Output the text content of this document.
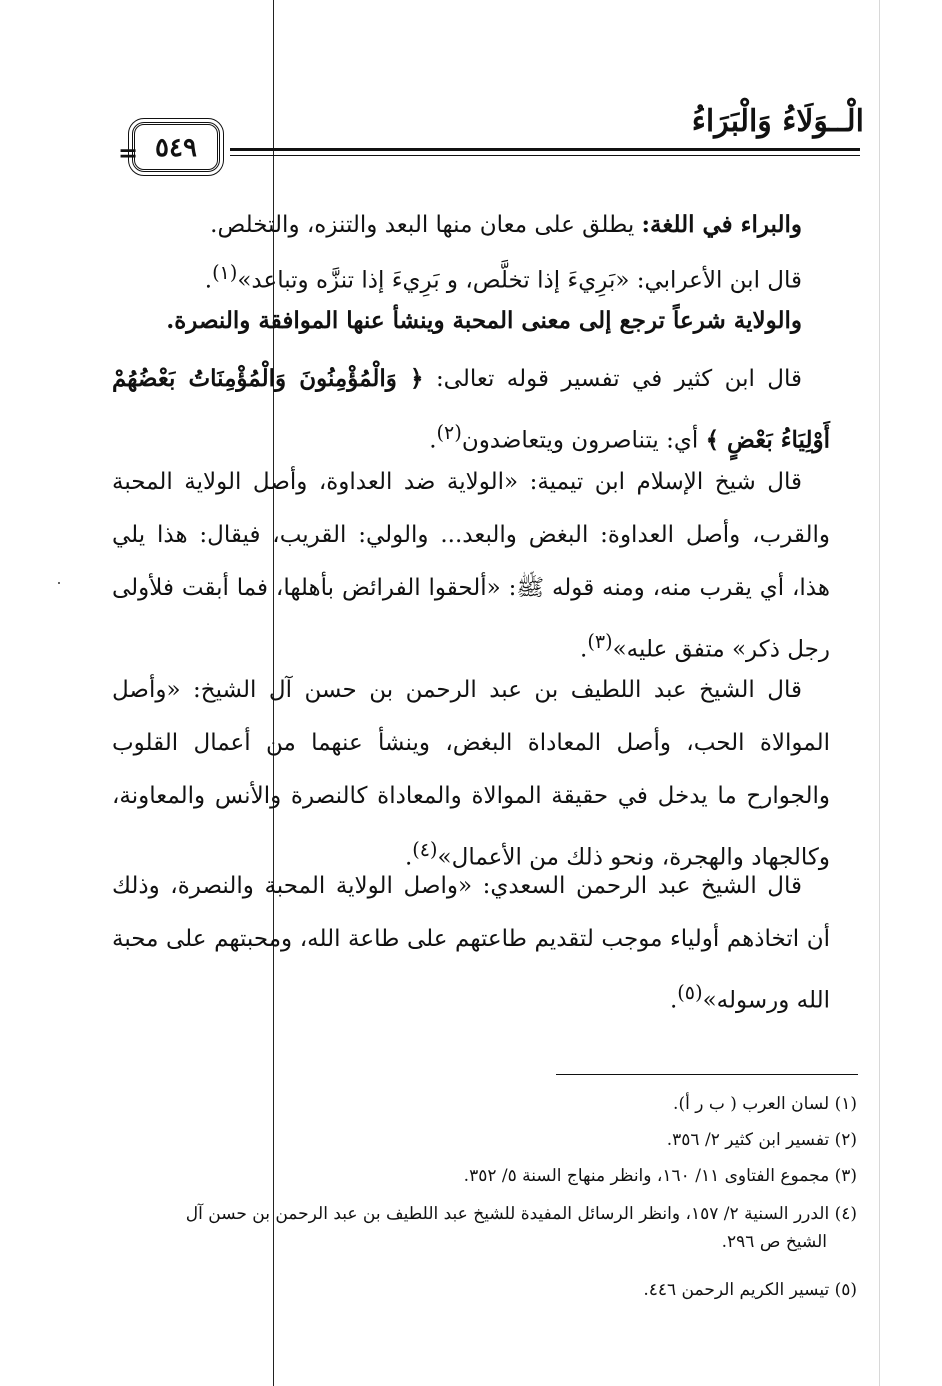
الْــوَلَاءُ وَالْبَرَاءُ
= ٥٤٩

والبراء في اللغة: يطلق على معان منها البعد والتنزه، والتخلص.

قال ابن الأعرابي: «بَرِيءَ إذا تخلَّص، و بَرِيءَ إذا تنزَّه وتباعد»$^{(١)}$.

والولاية شرعاً ترجع إلى معنى المحبة وينشأ عنها الموافقة والنصرة.

قال ابن كثير في تفسير قوله تعالى: ﴿ وَالْمُؤْمِنُونَ وَالْمُؤْمِنَاتُ بَعْضُهُمْ أَوْلِيَاءُ بَعْضٍ ﴾ أي: يتناصرون ويتعاضدون$^{(٢)}$.

قال شيخ الإسلام ابن تيمية: «الولاية ضد العداوة، وأصل الولاية المحبة والقرب، وأصل العداوة: البغض والبعد... والولي: القريب، فيقال: هذا يلي هذا، أي يقرب منه، ومنه قوله ﷺ: «ألحقوا الفرائض بأهلها، فما أبقت فلأولى رجل ذكر» متفق عليه»$^{(٣)}$.

قال الشيخ عبد اللطيف بن عبد الرحمن بن حسن آل الشيخ: «وأصل الموالاة الحب، وأصل المعاداة البغض، وينشأ عنهما من أعمال القلوب والجوارح ما يدخل في حقيقة الموالاة والمعاداة كالنصرة والأنس والمعاونة، وكالجهاد والهجرة، ونحو ذلك من الأعمال»$^{(٤)}$.

قال الشيخ عبد الرحمن السعدي: «واصل الولاية المحبة والنصرة، وذلك أن اتخاذهم أولياء موجب لتقديم طاعتهم على طاعة الله، ومحبتهم على محبة الله ورسوله»$^{(٥)}$.

(١) لسان العرب ( ب ر أ).

(٢) تفسير ابن كثير ٢/ ٣٥٦.

(٣) مجموع الفتاوى ١١/ ١٦٠، وانظر منهاج السنة ٥/ ٣٥٢.

(٤) الدرر السنية ٢/ ١٥٧، وانظر الرسائل المفيدة للشيخ عبد اللطيف بن عبد الرحمن بن حسن آل
الشيخ ص ٢٩٦.

(٥) تيسير الكريم الرحمن ٤٤٦.
